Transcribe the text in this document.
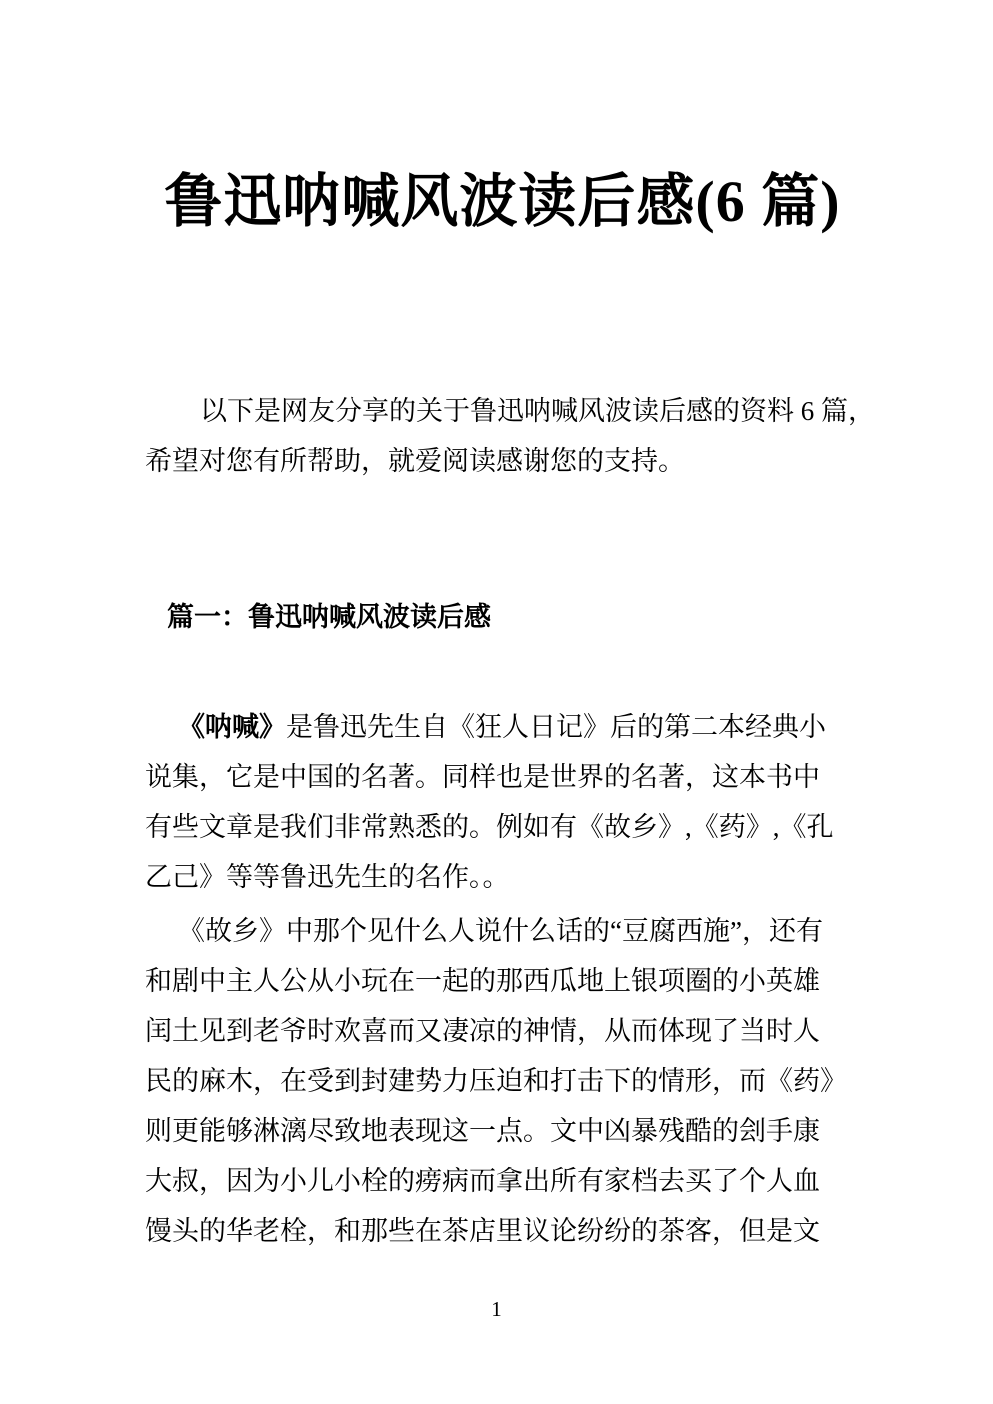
鲁迅呐喊风波读后感(6 篇)
以下是网友分享的关于鲁迅呐喊风波读后感的资料 6 篇，
希望对您有所帮助，就爱阅读感谢您的支持。
篇一：鲁迅呐喊风波读后感
《呐喊》是鲁迅先生自《狂人日记》后的第二本经典小
说集，它是中国的名著。同样也是世界的名著，这本书中
有些文章是我们非常熟悉的。例如有《故乡》,《药》,《孔
乙己》等等鲁迅先生的名作。。
《故乡》中那个见什么人说什么话的“豆腐西施”，还有
和剧中主人公从小玩在一起的那西瓜地上银项圈的小英雄
闰土见到老爷时欢喜而又凄凉的神情，从而体现了当时人
民的麻木，在受到封建势力压迫和打击下的情形，而《药》
则更能够淋漓尽致地表现这一点。文中凶暴残酷的刽手康
大叔，因为小儿小栓的痨病而拿出所有家档去买了个人血
馒头的华老栓，和那些在茶店里议论纷纷的茶客，但是文
1
